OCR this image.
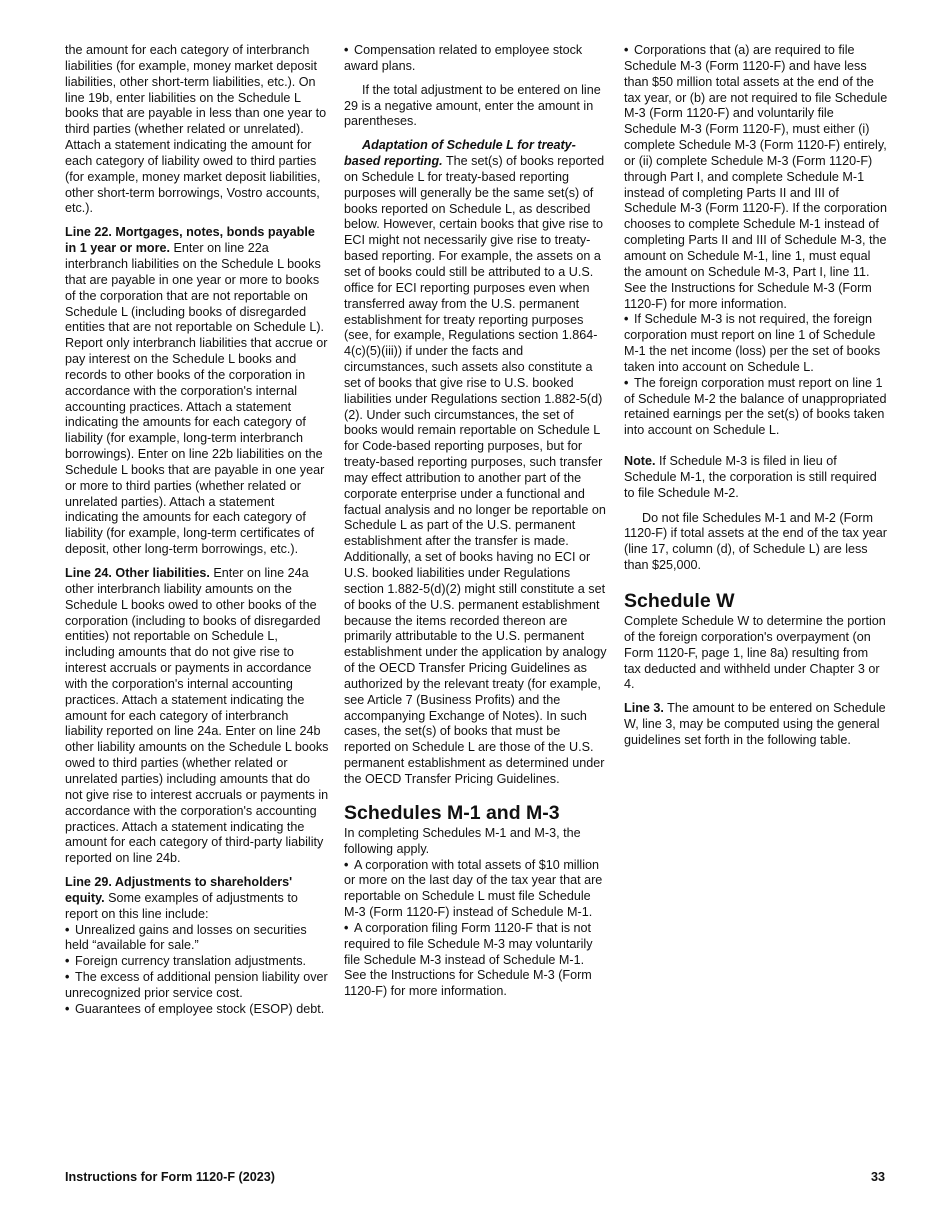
the amount for each category of interbranch liabilities (for example, money market deposit liabilities, other short-term liabilities, etc.). On line 19b, enter liabilities on the Schedule L books that are payable in less than one year to third parties (whether related or unrelated). Attach a statement indicating the amount for each category of liability owed to third parties (for example, money market deposit liabilities, other short-term borrowings, Vostro accounts, etc.).

Line 22. Mortgages, notes, bonds payable in 1 year or more. Enter on line 22a interbranch liabilities on the Schedule L books that are payable in one year or more to books of the corporation that are not reportable on Schedule L (including books of disregarded entities that are not reportable on Schedule L). Report only interbranch liabilities that accrue or pay interest on the Schedule L books and records to other books of the corporation in accordance with the corporation's internal accounting practices. Attach a statement indicating the amounts for each category of liability (for example, long-term interbranch borrowings). Enter on line 22b liabilities on the Schedule L books that are payable in one year or more to third parties (whether related or unrelated parties). Attach a statement indicating the amounts for each category of liability (for example, long-term certificates of deposit, other long-term borrowings, etc.).

Line 24. Other liabilities. Enter on line 24a other interbranch liability amounts on the Schedule L books owed to other books of the corporation (including to books of disregarded entities) not reportable on Schedule L, including amounts that do not give rise to interest accruals or payments in accordance with the corporation's internal accounting practices. Attach a statement indicating the amount for each category of interbranch liability reported on line 24a. Enter on line 24b other liability amounts on the Schedule L books owed to third parties (whether related or unrelated parties) including amounts that do not give rise to interest accruals or payments in accordance with the corporation's accounting practices. Attach a statement indicating the amount for each category of third-party liability reported on line 24b.

Line 29. Adjustments to shareholders' equity. Some examples of adjustments to report on this line include:

• Unrealized gains and losses on securities held “available for sale.”

• Foreign currency translation adjustments.

• The excess of additional pension liability over unrecognized prior service cost.

• Guarantees of employee stock (ESOP) debt.

• Compensation related to employee stock award plans.

If the total adjustment to be entered on line 29 is a negative amount, enter the amount in parentheses.

Adaptation of Schedule L for treaty-based reporting. The set(s) of books reported on Schedule L for treaty-based reporting purposes will generally be the same set(s) of books reported on Schedule L, as described below. However, certain books that give rise to ECI might not necessarily give rise to treaty-based reporting. For example, the assets on a set of books could still be attributed to a U.S. office for ECI reporting purposes even when transferred away from the U.S. permanent establishment for treaty reporting purposes (see, for example, Regulations section 1.864-4(c)(5)(iii)) if under the facts and circumstances, such assets also constitute a set of books that give rise to U.S. booked liabilities under Regulations section 1.882-5(d)(2). Under such circumstances, the set of books would remain reportable on Schedule L for Code-based reporting purposes, but for treaty-based reporting purposes, such transfer may effect attribution to another part of the corporate enterprise under a functional and factual analysis and no longer be reportable on Schedule L as part of the U.S. permanent establishment after the transfer is made. Additionally, a set of books having no ECI or U.S. booked liabilities under Regulations section 1.882-5(d)(2) might still constitute a set of books of the U.S. permanent establishment because the items recorded thereon are primarily attributable to the U.S. permanent establishment under the application by analogy of the OECD Transfer Pricing Guidelines as authorized by the relevant treaty (for example, see Article 7 (Business Profits) and the accompanying Exchange of Notes). In such cases, the set(s) of books that must be reported on Schedule L are those of the U.S. permanent establishment as determined under the OECD Transfer Pricing Guidelines.

Schedules M-1 and M-3

In completing Schedules M-1 and M-3, the following apply.

• A corporation with total assets of $10 million or more on the last day of the tax year that are reportable on Schedule L must file Schedule M-3 (Form 1120-F) instead of Schedule M-1.

• A corporation filing Form 1120-F that is not required to file Schedule M-3 may voluntarily file Schedule M-3 instead of Schedule M-1. See the Instructions for Schedule M-3 (Form 1120-F) for more information.

• Corporations that (a) are required to file Schedule M-3 (Form 1120-F) and have less than $50 million total assets at the end of the tax year, or (b) are not required to file Schedule M-3 (Form 1120-F) and voluntarily file Schedule M-3 (Form 1120-F), must either (i) complete Schedule M-3 (Form 1120-F) entirely, or (ii) complete Schedule M-3 (Form 1120-F) through Part I, and complete Schedule M-1 instead of completing Parts II and III of Schedule M-3 (Form 1120-F). If the corporation chooses to complete Schedule M-1 instead of completing Parts II and III of Schedule M-3, the amount on Schedule M-1, line 1, must equal the amount on Schedule M-3, Part I, line 11. See the Instructions for Schedule M-3 (Form 1120-F) for more information.

• If Schedule M-3 is not required, the foreign corporation must report on line 1 of Schedule M-1 the net income (loss) per the set of books taken into account on Schedule L.

• The foreign corporation must report on line 1 of Schedule M-2 the balance of unappropriated retained earnings per the set(s) of books taken into account on Schedule L.

Note. If Schedule M-3 is filed in lieu of Schedule M-1, the corporation is still required to file Schedule M-2.

Do not file Schedules M-1 and M-2 (Form 1120-F) if total assets at the end of the tax year (line 17, column (d), of Schedule L) are less than $25,000.

Schedule W

Complete Schedule W to determine the portion of the foreign corporation's overpayment (on Form 1120-F, page 1, line 8a) resulting from tax deducted and withheld under Chapter 3 or 4.

Line 3. The amount to be entered on Schedule W, line 3, may be computed using the general guidelines set forth in the following table.

Instructions for Form 1120-F (2023)	33
